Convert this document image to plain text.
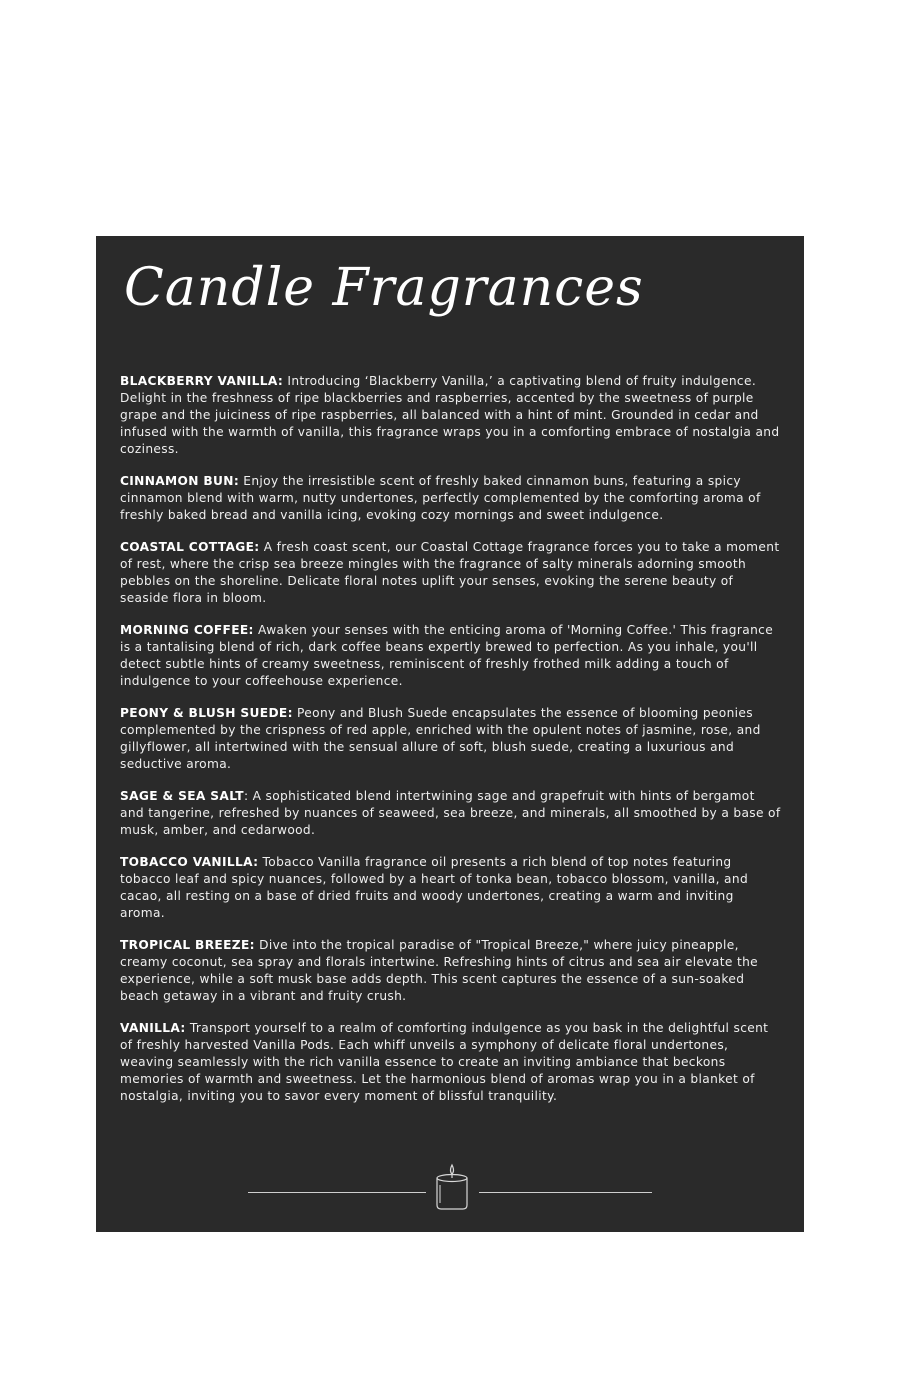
Candle Fragrances

BLACKBERRY VANILLA: Introducing ‘Blackberry Vanilla,’ a captivating blend of fruity indulgence. Delight in the freshness of ripe blackberries and raspberries, accented by the sweetness of purple grape and the juiciness of ripe raspberries, all balanced with a hint of mint. Grounded in cedar and infused with the warmth of vanilla, this fragrance wraps you in a comforting embrace of nostalgia and coziness.

CINNAMON BUN: Enjoy the irresistible scent of freshly baked cinnamon buns, featuring a spicy cinnamon blend with warm, nutty undertones, perfectly complemented by the comforting aroma of freshly baked bread and vanilla icing, evoking cozy mornings and sweet indulgence.

COASTAL COTTAGE: A fresh coast scent, our Coastal Cottage fragrance forces you to take a moment of rest, where the crisp sea breeze mingles with the fragrance of salty minerals adorning smooth pebbles on the shoreline. Delicate floral notes uplift your senses, evoking the serene beauty of seaside flora in bloom.

MORNING COFFEE: Awaken your senses with the enticing aroma of 'Morning Coffee.' This fragrance is a tantalising blend of rich, dark coffee beans expertly brewed to perfection. As you inhale, you'll detect subtle hints of creamy sweetness, reminiscent of freshly frothed milk adding a touch of indulgence to your coffeehouse experience.

PEONY & BLUSH SUEDE: Peony and Blush Suede encapsulates the essence of blooming peonies complemented by the crispness of red apple, enriched with the opulent notes of jasmine, rose, and gillyflower, all intertwined with the sensual allure of soft, blush suede, creating a luxurious and seductive aroma.

SAGE & SEA SALT: A sophisticated blend intertwining sage and grapefruit with hints of bergamot and tangerine, refreshed by nuances of seaweed, sea breeze, and minerals, all smoothed by a base of musk, amber, and cedarwood.

TOBACCO VANILLA: Tobacco Vanilla fragrance oil presents a rich blend of top notes featuring tobacco leaf and spicy nuances, followed by a heart of tonka bean, tobacco blossom, vanilla, and cacao, all resting on a base of dried fruits and woody undertones, creating a warm and inviting aroma.

TROPICAL BREEZE: Dive into the tropical paradise of "Tropical Breeze," where juicy pineapple, creamy coconut, sea spray and florals intertwine. Refreshing hints of citrus and sea air elevate the experience, while a soft musk base adds depth. This scent captures the essence of a sun-soaked beach getaway in a vibrant and fruity crush.

VANILLA: Transport yourself to a realm of comforting indulgence as you bask in the delightful scent of freshly harvested Vanilla Pods. Each whiff unveils a symphony of delicate floral undertones, weaving seamlessly with the rich vanilla essence to create an inviting ambiance that beckons memories of warmth and sweetness. Let the harmonious blend of aromas wrap you in a blanket of nostalgia, inviting you to savor every moment of blissful tranquility.
